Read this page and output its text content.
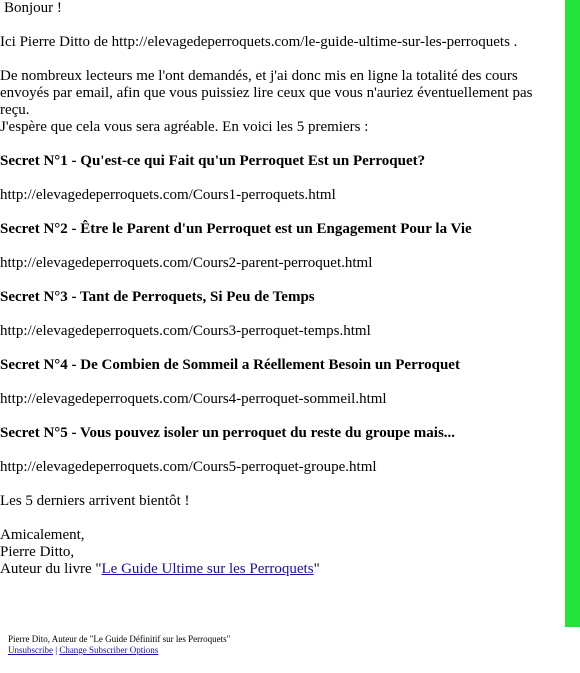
Bonjour !

Ici Pierre Ditto de http://elevagedeperroquets.com/le-guide-ultime-sur-les-perroquets .

De nombreux lecteurs me l'ont demandés, et j'ai donc mis en ligne la totalité des cours envoyés par email, afin que vous puissiez lire ceux que vous n'auriez éventuellement pas reçu.

J'espère que cela vous sera agréable. En voici les 5 premiers :

Secret N°1 - Qu'est-ce qui Fait qu'un Perroquet Est un Perroquet?

http://elevagedeperroquets.com/Cours1-perroquets.html

Secret N°2 - Être le Parent d'un Perroquet est un Engagement Pour la Vie

http://elevagedeperroquets.com/Cours2-parent-perroquet.html

Secret N°3 - Tant de Perroquets, Si Peu de Temps

http://elevagedeperroquets.com/Cours3-perroquet-temps.html

Secret N°4 - De Combien de Sommeil a Réellement Besoin un Perroquet

http://elevagedeperroquets.com/Cours4-perroquet-sommeil.html

Secret N°5 - Vous pouvez isoler un perroquet du reste du groupe mais...

http://elevagedeperroquets.com/Cours5-perroquet-groupe.html

Les 5 derniers arrivent bientôt !

Amicalement,

Pierre Ditto,

Auteur du livre "Le Guide Ultime sur les Perroquets"

Pierre Dito, Auteur de "Le Guide Définitif sur les Perroquets"
Unsubscribe | Change Subscriber Options
